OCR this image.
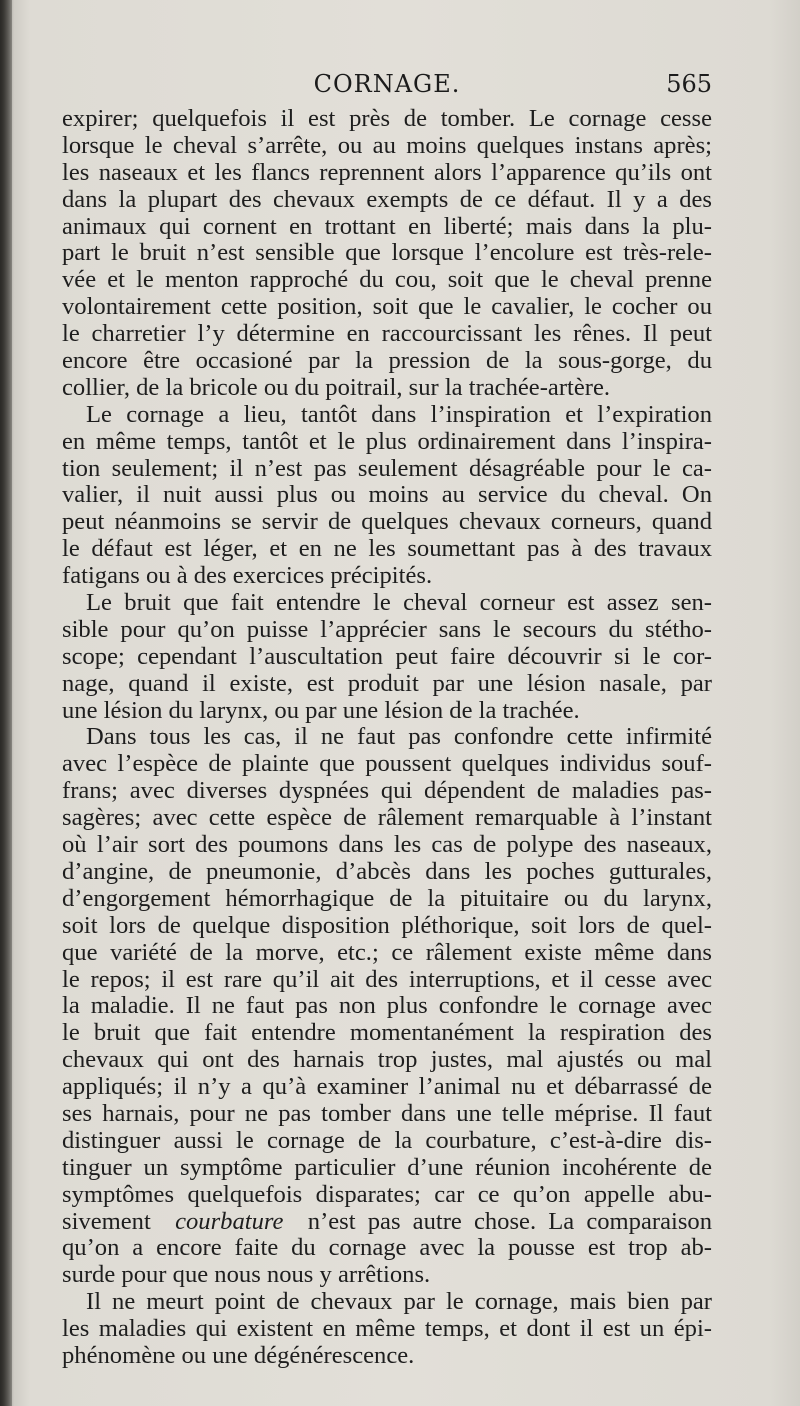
CORNAGE.	565
expirer; quelquefois il est près de tomber. Le cornage cesse
lorsque le cheval s’arrête, ou au moins quelques instans après;
les naseaux et les flancs reprennent alors l’apparence qu’ils ont
dans la plupart des chevaux exempts de ce défaut. Il y a des
animaux qui cornent en trottant en liberté; mais dans la plu-
part le bruit n’est sensible que lorsque l’encolure est très-rele-
vée et le menton rapproché du cou, soit que le cheval prenne
volontairement cette position, soit que le cavalier, le cocher ou
le charretier l’y détermine en raccourcissant les rênes. Il peut
encore être occasioné par la pression de la sous-gorge, du
collier, de la bricole ou du poitrail, sur la trachée-artère.
Le cornage a lieu, tantôt dans l’inspiration et l’expiration
en même temps, tantôt et le plus ordinairement dans l’inspira-
tion seulement; il n’est pas seulement désagréable pour le ca-
valier, il nuit aussi plus ou moins au service du cheval. On
peut néanmoins se servir de quelques chevaux corneurs, quand
le défaut est léger, et en ne les soumettant pas à des travaux
fatigans ou à des exercices précipités.
Le bruit que fait entendre le cheval corneur est assez sen-
sible pour qu’on puisse l’apprécier sans le secours du stétho-
scope; cependant l’auscultation peut faire découvrir si le cor-
nage, quand il existe, est produit par une lésion nasale, par
une lésion du larynx, ou par une lésion de la trachée.
Dans tous les cas, il ne faut pas confondre cette infirmité
avec l’espèce de plainte que poussent quelques individus souf-
frans; avec diverses dyspnées qui dépendent de maladies pas-
sagères; avec cette espèce de râlement remarquable à l’instant
où l’air sort des poumons dans les cas de polype des naseaux,
d’angine, de pneumonie, d’abcès dans les poches gutturales,
d’engorgement hémorrhagique de la pituitaire ou du larynx,
soit lors de quelque disposition pléthorique, soit lors de quel-
que variété de la morve, etc.; ce râlement existe même dans
le repos; il est rare qu’il ait des interruptions, et il cesse avec
la maladie. Il ne faut pas non plus confondre le cornage avec
le bruit que fait entendre momentanément la respiration des
chevaux qui ont des harnais trop justes, mal ajustés ou mal
appliqués; il n’y a qu’à examiner l’animal nu et débarrassé de
ses harnais, pour ne pas tomber dans une telle méprise. Il faut
distinguer aussi le cornage de la courbature, c’est-à-dire dis-
tinguer un symptôme particulier d’une réunion incohérente de
symptômes quelquefois disparates; car ce qu’on appelle abu-
sivement courbature n’est pas autre chose. La comparaison
qu’on a encore faite du cornage avec la pousse est trop ab-
surde pour que nous nous y arrêtions.
Il ne meurt point de chevaux par le cornage, mais bien par
les maladies qui existent en même temps, et dont il est un épi-
phénomène ou une dégénérescence.
